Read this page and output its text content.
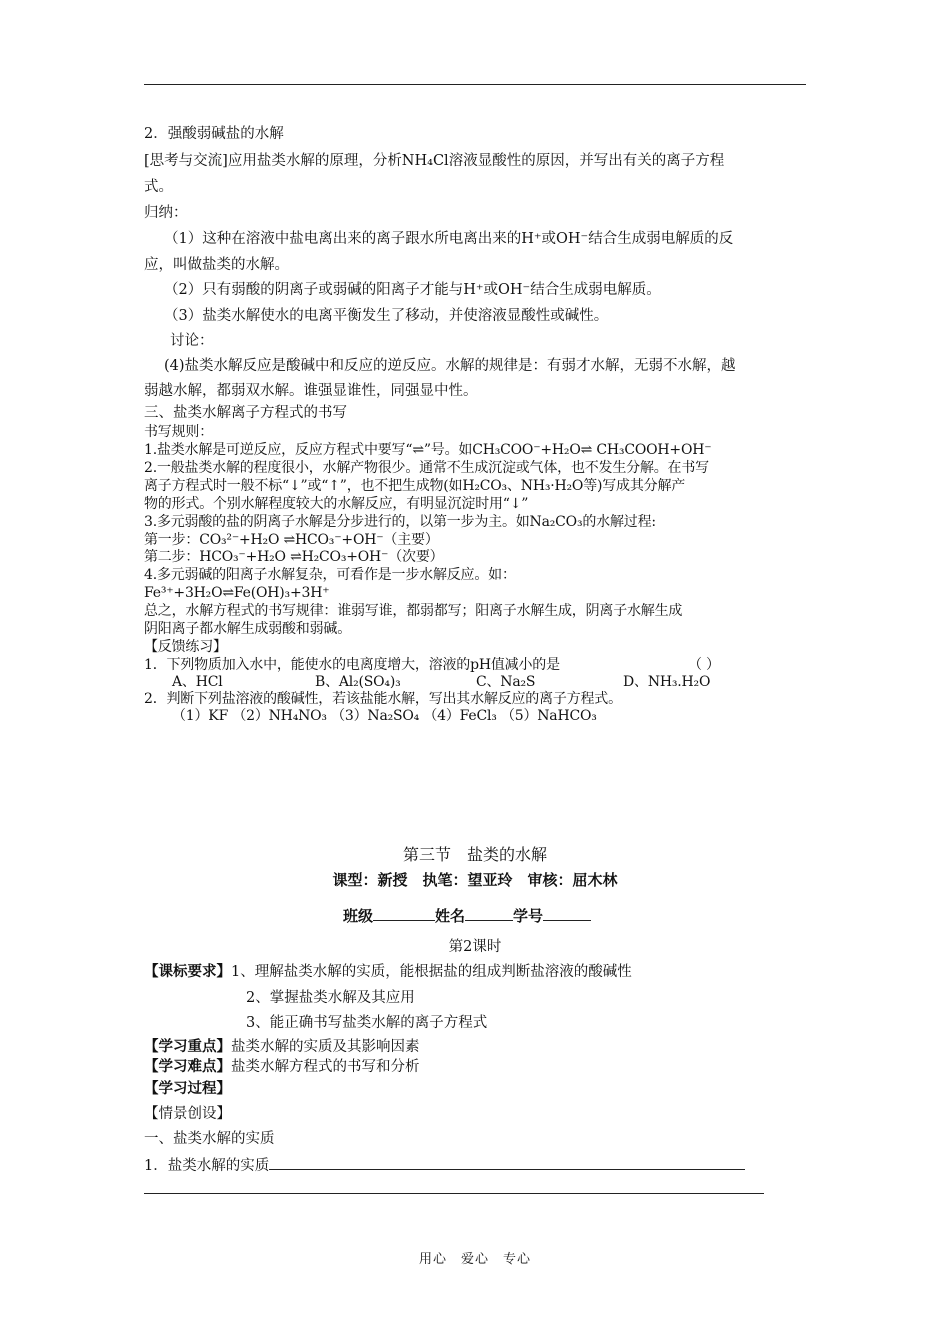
2．强酸弱碱盐的水解
[思考与交流]应用盐类水解的原理，分析NH₄Cl溶液显酸性的原因，并写出有关的离子方程
式。
归纳：
（1）这种在溶液中盐电离出来的离子跟水所电离出来的H⁺或OH⁻结合生成弱电解质的反
应，叫做盐类的水解。
（2）只有弱酸的阴离子或弱碱的阳离子才能与H⁺或OH⁻结合生成弱电解质。
（3）盐类水解使水的电离平衡发生了移动，并使溶液显酸性或碱性。
讨论：
(4)盐类水解反应是酸碱中和反应的逆反应。水解的规律是：有弱才水解，无弱不水解，越
弱越水解，都弱双水解。谁强显谁性，同强显中性。
三、盐类水解离子方程式的书写
书写规则：
1.盐类水解是可逆反应，反应方程式中要写“⇌”号。如CH₃COO⁻+H₂O⇌ CH₃COOH+OH⁻
2.一般盐类水解的程度很小，水解产物很少。通常不生成沉淀或气体，也不发生分解。在书写
离子方程式时一般不标“↓”或“↑”，也不把生成物(如H₂CO₃、NH₃·H₂O等)写成其分解产
物的形式。个别水解程度较大的水解反应，有明显沉淀时用“↓”
3.多元弱酸的盐的阴离子水解是分步进行的，以第一步为主。如Na₂CO₃的水解过程:
第一步：CO₃²⁻+H₂O ⇌HCO₃⁻+OH⁻（主要）
第二步：HCO₃⁻+H₂O ⇌H₂CO₃+OH⁻（次要）
4.多元弱碱的阳离子水解复杂，可看作是一步水解反应。如：
Fe³⁺+3H₂O⇌Fe(OH)₃+3H⁺
总之，水解方程式的书写规律：谁弱写谁，都弱都写；阳离子水解生成，阴离子水解生成
阴阳离子都水解生成弱酸和弱碱。
【反馈练习】
1．下列物质加入水中，能使水的电离度增大，溶液的pH值减小的是	（ ）
A、HCl	B、Al₂(SO₄)₃	C、Na₂S	D、NH₃.H₂O
2．判断下列盐溶液的酸碱性，若该盐能水解，写出其水解反应的离子方程式。
（1）KF （2）NH₄NO₃ （3）Na₂SO₄ （4）FeCl₃ （5）NaHCO₃
第三节　盐类的水解
课型：新授　执笔：望亚玲　审核：屈木林
班级	姓名	学号
第2课时
【课标要求】1、理解盐类水解的实质，能根据盐的组成判断盐溶液的酸碱性
2、掌握盐类水解及其应用
3、能正确书写盐类水解的离子方程式
【学习重点】盐类水解的实质及其影响因素
【学习难点】盐类水解方程式的书写和分析
【学习过程】
【情景创设】
一、盐类水解的实质
1．盐类水解的实质
用心　爱心　专心
